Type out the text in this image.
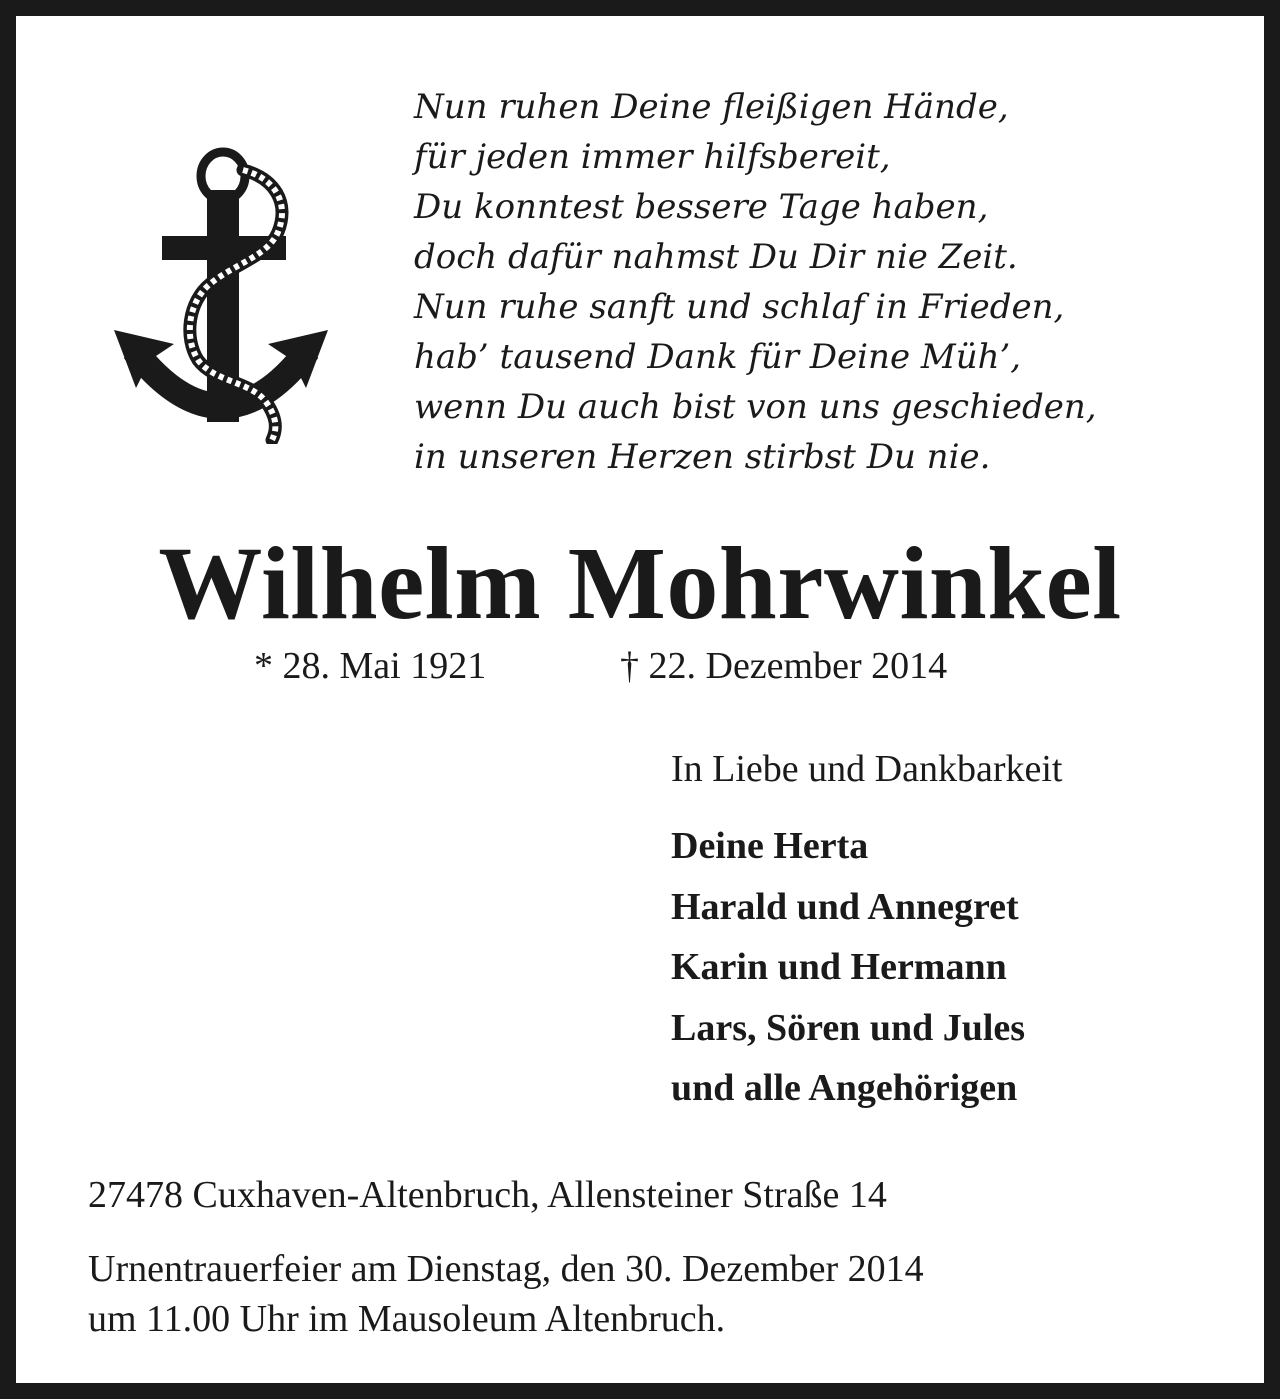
Nun ruhen Deine fleißigen Hände,
für jeden immer hilfsbereit,
Du konntest bessere Tage haben,
doch dafür nahmst Du Dir nie Zeit.
Nun ruhe sanft und schlaf in Frieden,
hab’ tausend Dank für Deine Müh’,
wenn Du auch bist von uns geschieden,
in unseren Herzen stirbst Du nie.
Wilhelm Mohrwinkel
* 28. Mai 1921	† 22. Dezember 2014
In Liebe und Dankbarkeit
Deine Herta
Harald und Annegret
Karin und Hermann
Lars, Sören und Jules
und alle Angehörigen
27478 Cuxhaven-Altenbruch, Allensteiner Straße 14
Urnentrauerfeier am Dienstag, den 30. Dezember 2014
um 11.00 Uhr im Mausoleum Altenbruch.
